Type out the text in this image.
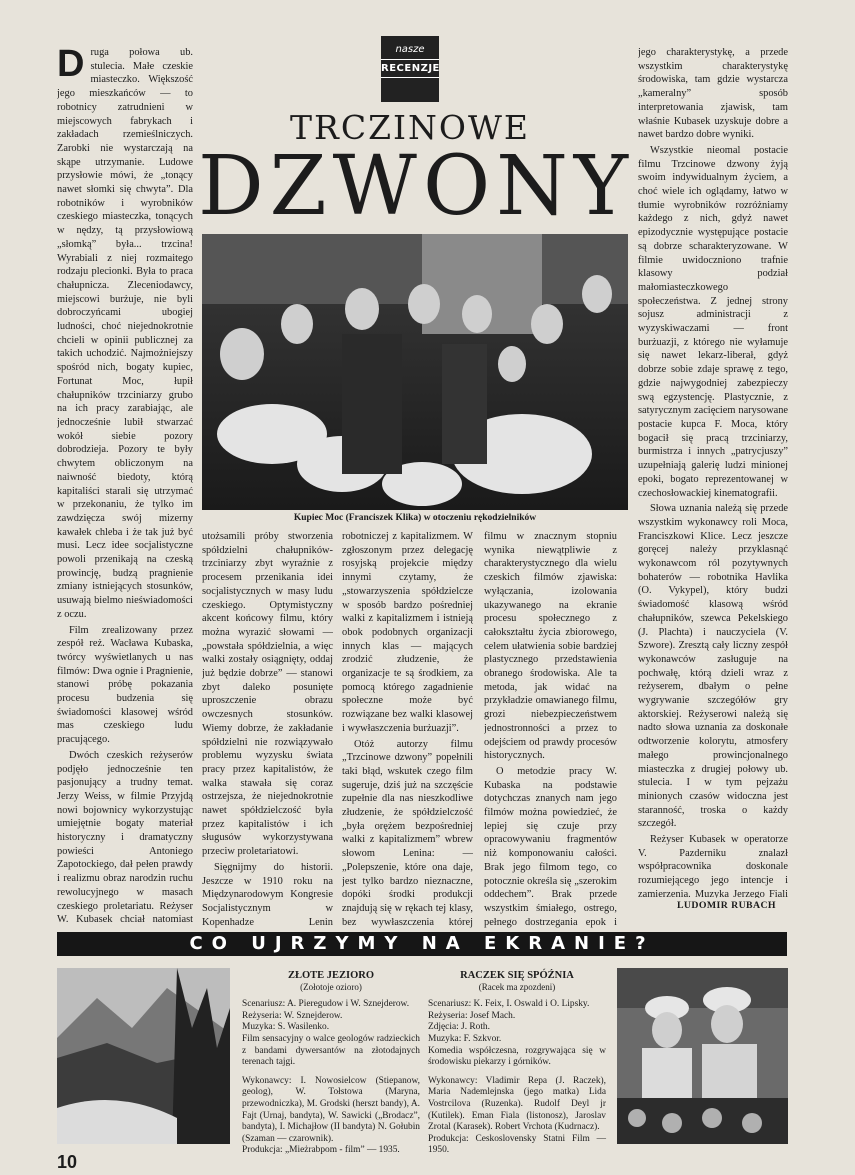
nasze
RECENZJE
TRCZINOWE
DZWONY

Druga połowa ub. stulecia. Małe czeskie miasteczko. Większość jego mieszkańców — to robotnicy zatrudnieni w miejscowych fabrykach i zakładach rzemieślniczych. Zarobki nie wystarczają na skąpe utrzymanie. Ludowe przysłowie mówi, że „tonący nawet słomki się chwyta”. Dla robotników i wyrobników czeskiego miasteczka, tonących w nędzy, tą przysłowiową „słomką” była... trzcina! Wyrabiali z niej rozmaitego rodzaju plecionki. Była to praca chałupnicza. Zleceniodawcy, miejscowi burżuje, nie byli dobroczyńcami ubogiej ludności, choć niejednokrotnie chcieli w opinii publicznej za takich uchodzić. Najmożniejszy spośród nich, bogaty kupiec, Fortunat Moc, łupił chałupników trzciniarzy grubo na ich pracy zarabiając, ale jednocześnie lubił stwarzać wokół siebie pozory dobrodzieja. Pozory te były chwytem obliczonym na naiwność biedoty, którą kapitaliści starali się utrzymać w przekonaniu, że tylko im zawdzięcza swój mizerny kawałek chleba i że tak już być musi. Lecz idee socjalistyczne powoli przenikają na czeską prowincję, budzą pragnienie zmiany istniejących stosunków, usuwają bielmo nieświadomości z oczu.

Film zrealizowany przez zespół reż. Wacława Kubaska, twórcy wyświetlanych u nas filmów: Dwa ognie i Pragnienie, stanowi próbę pokazania procesu budzenia się świadomości klasowej wśród mas czeskiego ludu pracującego.

Dwóch czeskich reżyserów podjęło jednocześnie ten pasjonujący a trudny temat. Jerzy Weiss, w filmie Przyjdą nowi bojownicy wykorzystując umiejętnie bogaty materiał historyczny i dramatyczny powieści Antoniego Zapotockiego, dał pełen prawdy i realizmu obraz narodzin ruchu rewolucyjnego w masach czeskiego proletariatu. Reżyser W. Kubasek chciał natomiast

Kupiec Moc (Franciszek Klika) w otoczeniu rękodzielników

utożsamili próby stworzenia spółdzielni chałupników-trzciniarzy zbyt wyraźnie z procesem przenikania idei socjalistycznych w masy ludu czeskiego. Optymistyczny akcent końcowy filmu, który można wyrazić słowami — „powstała spółdzielnia, a więc walki zostały osiągnięty, oddaj już będzie dobrze” — stanowi zbyt daleko posunięte uproszczenie obrazu owczesnych stosunków. Wiemy dobrze, że zakładanie spółdzielni nie rozwiązywało problemu wyzysku świata pracy przez kapitalistów, że walka stawała się coraz ostrzejsza, że niejednokrotnie nawet spółdzielczość była przez kapitalistów i ich sługusów wykorzystywana przeciw proletariatowi.

Sięgnijmy do historii. Jeszcze w 1910 roku na Międzynarodowym Kongresie Socjalistycznym w Kopenhadze Lenin

robotniczej z kapitalizmem. W zgłoszonym przez delegację rosyjską projekcie między innymi czytamy, że „stowarzyszenia spółdzielcze w sposób bardzo pośredniej walki z kapitalizmem i istnieją obok podobnych organizacji innych klas — mających zrodzić złudzenie, że organizacje te są środkiem, za pomocą którego zagadnienie społeczne może być rozwiązane bez walki klasowej i wywłaszczenia burżuazji”.

Otóż autorzy filmu „Trzcinowe dzwony” popełnili taki błąd, wskutek czego film sugeruje, dziś już na szczęście zupełnie dla nas nieszkodliwe złudzenie, że spółdzielczość „była orężem bezpośredniej walki z kapitalizmem” wbrew słowom Lenina: — „Polepszenie, które ona daje, jest tylko bardzo nieznaczne, dopóki środki produkcji znajdują się w rękach tej klasy, bez wywłaszczenia której

filmu w znacznym stopniu wynika niewątpliwie z charakterystycznego dla wielu czeskich filmów zjawiska: wyłączania, izolowania ukazywanego na ekranie procesu społecznego z całokształtu życia zbiorowego, celem ułatwienia sobie bardziej plastycznego przedstawienia obranego środowiska. Ale ta metoda, jak widać na przykładzie omawianego filmu, grozi niebezpieczeństwem jednostronności a przez to odejściem od prawdy procesów historycznych.

O metodzie pracy W. Kubaska na podstawie dotychczas znanych nam jego filmów można powiedzieć, że lepiej się czuje przy opracowywaniu fragmentów niż komponowaniu całości. Brak jego filmom tego, co potocznie określa się „szerokim oddechem”. Brak przede wszystkim śmiałego, ostrego, pełnego dostrzegania epok i

jego charakterystykę, a przede wszystkim charakterystykę środowiska, tam gdzie wystarcza „kameralny” sposób interpretowania zjawisk, tam właśnie Kubasek uzyskuje dobre a nawet bardzo dobre wyniki.

Wszystkie nieomal postacie filmu Trzcinowe dzwony żyją swoim indywidualnym życiem, a choć wiele ich oglądamy, łatwo w tłumie wyrobników rozróżniamy każdego z nich, gdyż nawet epizodycznie występujące postacie są dobrze scharakteryzowane. W filmie uwidoczniono trafnie klasowy podział małomiasteczkowego społeczeństwa. Z jednej strony sojusz administracji z wyzyskiwaczami — front burżuazji, z którego nie wyłamuje się nawet lekarz-liberał, gdyż dobrze sobie zdaje sprawę z tego, gdzie najwygodniej zabezpieczy swą egzystencję. Plastycznie, z satyrycznym zacięciem narysowane postacie kupca F. Moca, który bogacił się pracą trzciniarzy, burmistrza i innych „patrycjuszy” uzupełniają galerię ludzi minionej epoki, bogato reprezentowanej w czechosłowackiej kinematografii.

Słowa uznania należą się przede wszystkim wykonawcy roli Moca, Franciszkowi Klice. Lecz jeszcze goręcej należy przyklasnąć wykonawcom ról pozytywnych bohaterów — robotnika Havlika (O. Vykypel), który budzi świadomość klasową wśród chałupników, szewca Pekelskiego (J. Plachta) i nauczyciela (V. Szwore). Zresztą cały liczny zespół wykonawców zasługuje na pochwałę, którą dzieli wraz z reżyserem, dbałym o pełne wygrywanie szczegółów gry aktorskiej. Reżyserowi należą się nadto słowa uznania za doskonałe odtworzenie kolorytu, atmosfery małego prowincjonalnego miasteczka z drugiej połowy ub. stulecia. I w tym pejzażu minionych czasów widoczna jest staranność, troska o każdy szczegół.

Reżyser Kubasek w operatorze V. Pazderniku znalazł współpracownika doskonale rozumiejącego jego intencje i zamierzenia. Muzyka Jerzego Fiali

LUDOMIR RUBACH
CO UJRZYMY NA EKRANIE?
ZŁOTE JEZIORO
(Zołotoje ozioro)
Scenariusz: A. Pieregudow i W. Sznejderow.
Reżyseria: W. Sznejderow.
Muzyka: S. Wasilenko.
Film sensacyjny o walce geologów radzieckich z bandami dywersantów na złotodajnych terenach tajgi.
Wykonawcy: I. Nowosielcow (Stiepanow, geolog), W. Tołstowa (Maryna, przewodniczka), M. Grodski (herszt bandy), A. Fajt (Urnaj, bandyta), W. Sawicki („Brodacz”, bandyta), I. Michajłow (II bandyta) N. Gołubin (Szaman — czarownik).
Produkcja: „Mieżrabpom - film” — 1935.
RACZEK SIĘ SPÓŹNIA
(Racek ma zpozdeni)
Scenariusz: K. Feix, I. Oswald i O. Lipsky.
Reżyseria: Josef Mach.
Zdjęcia: J. Roth.
Muzyka: F. Szkvor.
Komedia współczesna, rozgrywająca się w środowisku piekarzy i górników.
Wykonawcy: Vladimir Repa (J. Raczek), Maria Nademlejnska (jego matka) Lida Vostrcilova (Ruzenka). Rudolf Deyl jr (Kutilek). Eman Fiala (listonosz), Jaroslav Zrotal (Karasek). Robert Vrchota (Kudrnacz).
Produkcja: Ceskoslovensky Statni Film — 1950.
10
